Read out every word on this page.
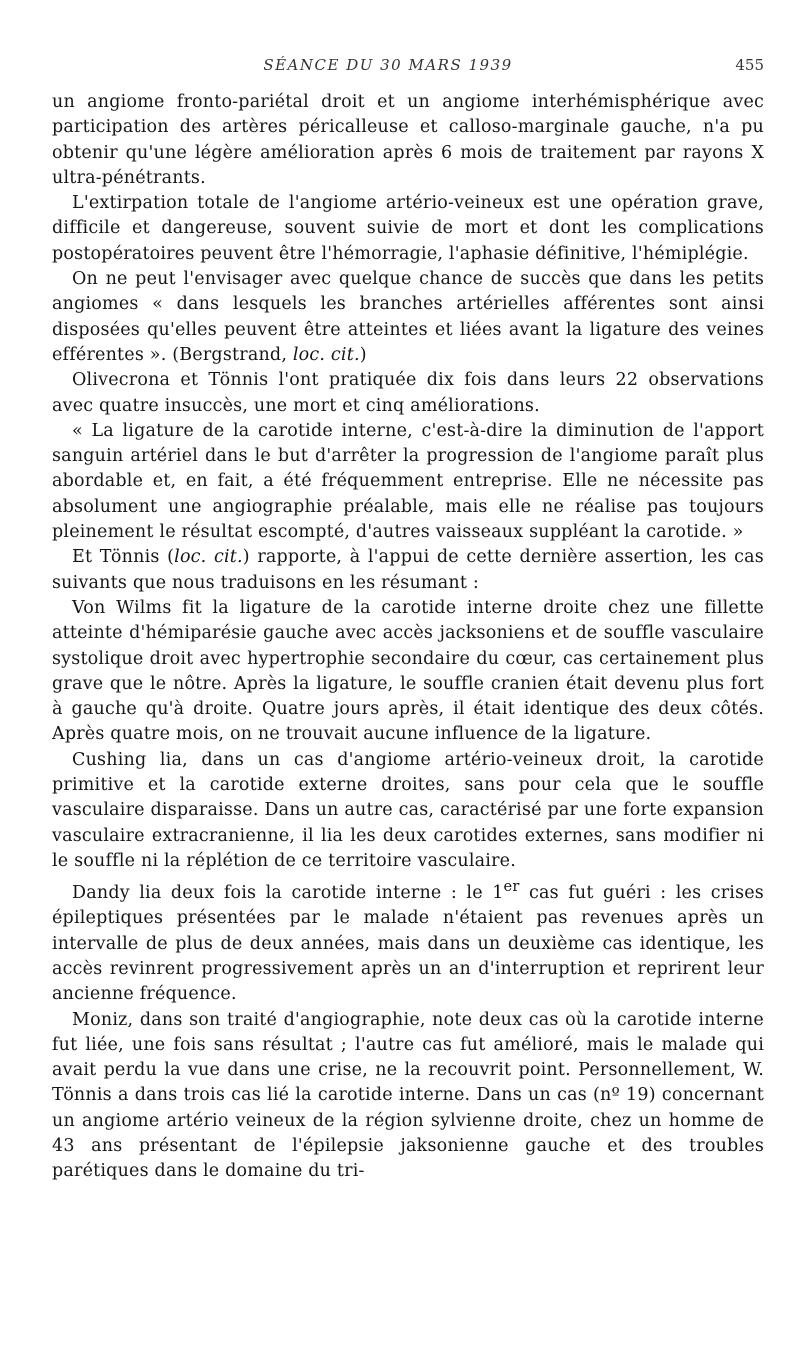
SÉANCE DU 30 MARS 1939	455

un angiome fronto-pariétal droit et un angiome interhémisphérique avec participation des artères péricalleuse et calloso-marginale gauche, n'a pu obtenir qu'une légère amélioration après 6 mois de traitement par rayons X ultra-pénétrants.

L'extirpation totale de l'angiome artério-veineux est une opération grave, difficile et dangereuse, souvent suivie de mort et dont les complications postopératoires peuvent être l'hémorragie, l'aphasie définitive, l'hémiplégie.

On ne peut l'envisager avec quelque chance de succès que dans les petits angiomes « dans lesquels les branches artérielles afférentes sont ainsi disposées qu'elles peuvent être atteintes et liées avant la ligature des veines efférentes ». (Bergstrand, loc. cit.)

Olivecrona et Tönnis l'ont pratiquée dix fois dans leurs 22 observations avec quatre insuccès, une mort et cinq améliorations.

« La ligature de la carotide interne, c'est-à-dire la diminution de l'apport sanguin artériel dans le but d'arrêter la progression de l'angiome paraît plus abordable et, en fait, a été fréquemment entreprise. Elle ne nécessite pas absolument une angiographie préalable, mais elle ne réalise pas toujours pleinement le résultat escompté, d'autres vaisseaux suppléant la carotide. »

Et Tönnis (loc. cit.) rapporte, à l'appui de cette dernière assertion, les cas suivants que nous traduisons en les résumant :

Von Wilms fit la ligature de la carotide interne droite chez une fillette atteinte d'hémiparésie gauche avec accès jacksoniens et de souffle vasculaire systolique droit avec hypertrophie secondaire du cœur, cas certainement plus grave que le nôtre. Après la ligature, le souffle cranien était devenu plus fort à gauche qu'à droite. Quatre jours après, il était identique des deux côtés. Après quatre mois, on ne trouvait aucune influence de la ligature.

Cushing lia, dans un cas d'angiome artério-veineux droit, la carotide primitive et la carotide externe droites, sans pour cela que le souffle vasculaire disparaisse. Dans un autre cas, caractérisé par une forte expansion vasculaire extracranienne, il lia les deux carotides externes, sans modifier ni le souffle ni la réplétion de ce territoire vasculaire.

Dandy lia deux fois la carotide interne : le 1er cas fut guéri : les crises épileptiques présentées par le malade n'étaient pas revenues après un intervalle de plus de deux années, mais dans un deuxième cas identique, les accès revinrent progressivement après un an d'interruption et reprirent leur ancienne fréquence.

Moniz, dans son traité d'angiographie, note deux cas où la carotide interne fut liée, une fois sans résultat ; l'autre cas fut amélioré, mais le malade qui avait perdu la vue dans une crise, ne la recouvrit point. Personnellement, W. Tönnis a dans trois cas lié la carotide interne. Dans un cas (nº 19) concernant un angiome artério veineux de la région sylvienne droite, chez un homme de 43 ans présentant de l'épilepsie jaksonienne gauche et des troubles parétiques dans le domaine du tri-
